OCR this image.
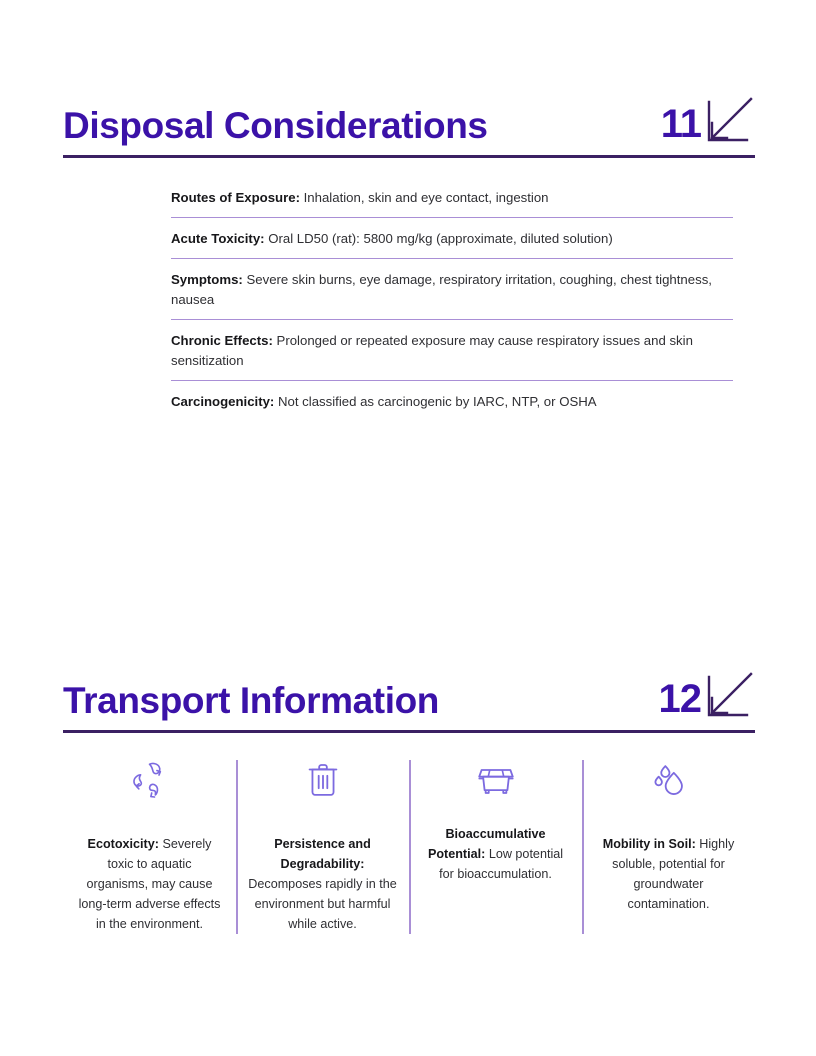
Disposal Considerations	11

Routes of Exposure: Inhalation, skin and eye contact, ingestion

Acute Toxicity: Oral LD50 (rat): 5800 mg/kg (approximate, diluted solution)

Symptoms: Severe skin burns, eye damage, respiratory irritation, coughing, chest tightness, nausea

Chronic Effects: Prolonged or repeated exposure may cause respiratory issues and skin sensitization

Carcinogenicity: Not classified as carcinogenic by IARC, NTP, or OSHA

Transport Information	12

Ecotoxicity: Severely toxic to aquatic organisms, may cause long-term adverse effects in the environment.

Persistence and Degradability: Decomposes rapidly in the environment but harmful while active.

Bioaccumulative Potential: Low potential for bioaccumulation.

Mobility in Soil: Highly soluble, potential for groundwater contamination.
